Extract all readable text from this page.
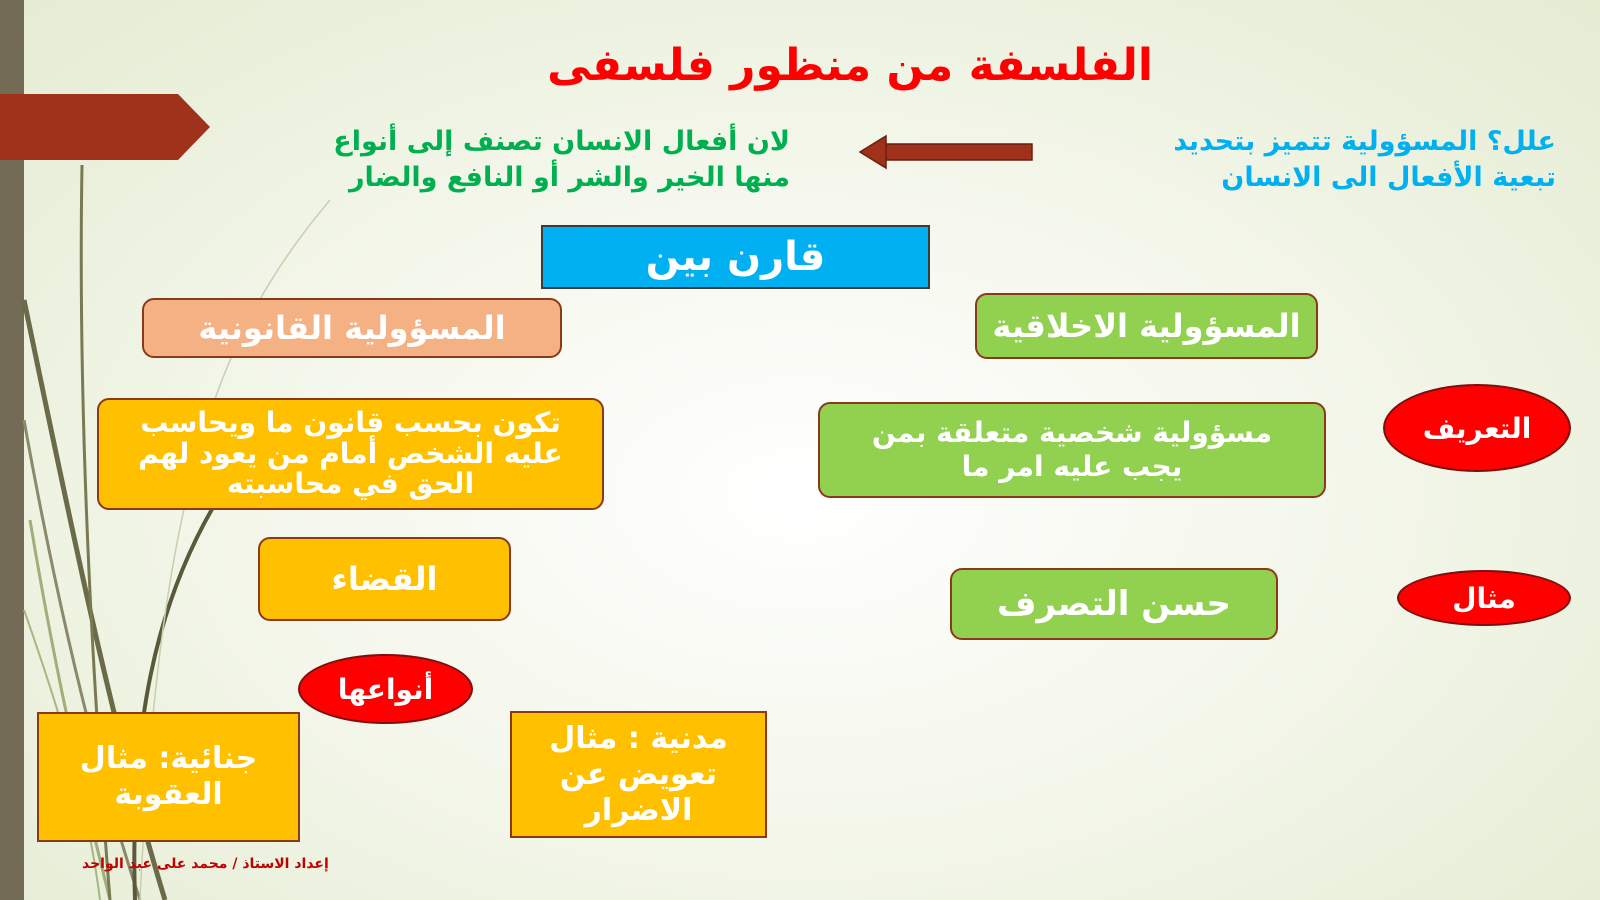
الفلسفة من منظور فلسفى
علل؟ المسؤولية تتميز بتحديد
تبعية الأفعال الى الانسان
لان أفعال الانسان تصنف إلى أنواع
منها الخير والشر أو النافع والضار
قارن بين
المسؤولية الاخلاقية
المسؤولية القانونية
التعريف
مسؤولية شخصية متعلقة بمن يجب عليه امر ما
تكون بحسب قانون ما ويحاسب عليه الشخص أمام من يعود لهم الحق في محاسبته
مثال
حسن التصرف
القضاء
أنواعها
جنائية: مثال العقوبة
مدنية : مثال تعويض عن الاضرار
إعداد الاستاذ / محمد على عبد الواحد
